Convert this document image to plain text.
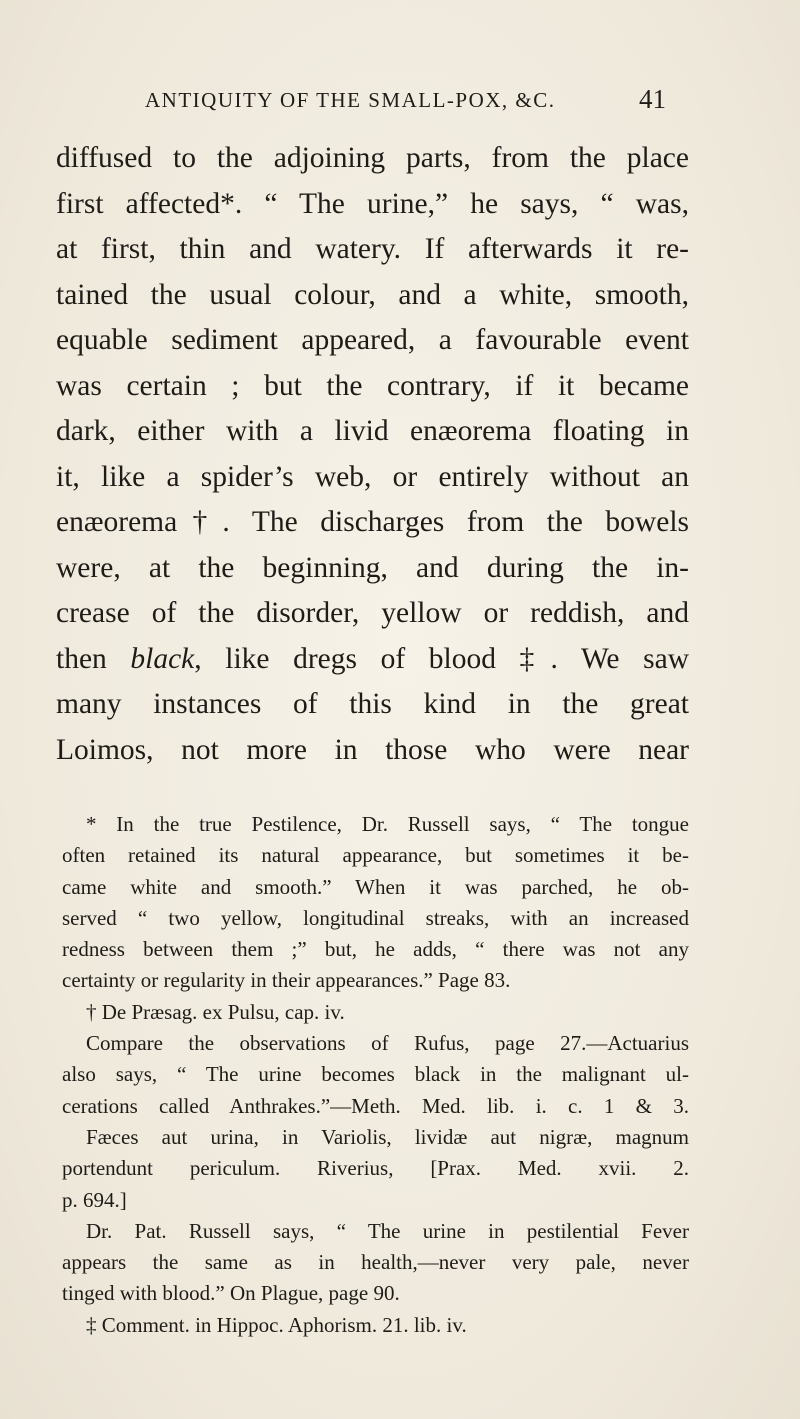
ANTIQUITY OF THE SMALL-POX, &C.	41
diffused to the adjoining parts, from the place
first affected*. “ The urine,” he says, “ was,
at first, thin and watery. If afterwards it re-
tained the usual colour, and a white, smooth,
equable sediment appeared, a favourable event
was certain ; but the contrary, if it became
dark, either with a livid enæorema floating in
it, like a spider’s web, or entirely without an
enæorema†. The discharges from the bowels
were, at the beginning, and during the in-
crease of the disorder, yellow or reddish, and
then black, like dregs of blood ‡. We saw
many instances of this kind in the great
Loimos, not more in those who were near
* In the true Pestilence, Dr. Russell says, “ The tongue
often retained its natural appearance, but sometimes it be-
came white and smooth.” When it was parched, he ob-
served “ two yellow, longitudinal streaks, with an increased
redness between them ;” but, he adds, “ there was not any
certainty or regularity in their appearances.” Page 83.
† De Præsag. ex Pulsu, cap. iv.
Compare the observations of Rufus, page 27.—Actuarius
also says, “ The urine becomes black in the malignant ul-
cerations called Anthrakes.”—Meth. Med. lib. i. c. 1 & 3.
Fæces aut urina, in Variolis, lividæ aut nigræ, magnum
portendunt periculum. Riverius, [Prax. Med. xvii. 2.
p. 694.]
Dr. Pat. Russell says, “ The urine in pestilential Fever
appears the same as in health,—never very pale, never
tinged with blood.” On Plague, page 90.
‡ Comment. in Hippoc. Aphorism. 21. lib. iv.
